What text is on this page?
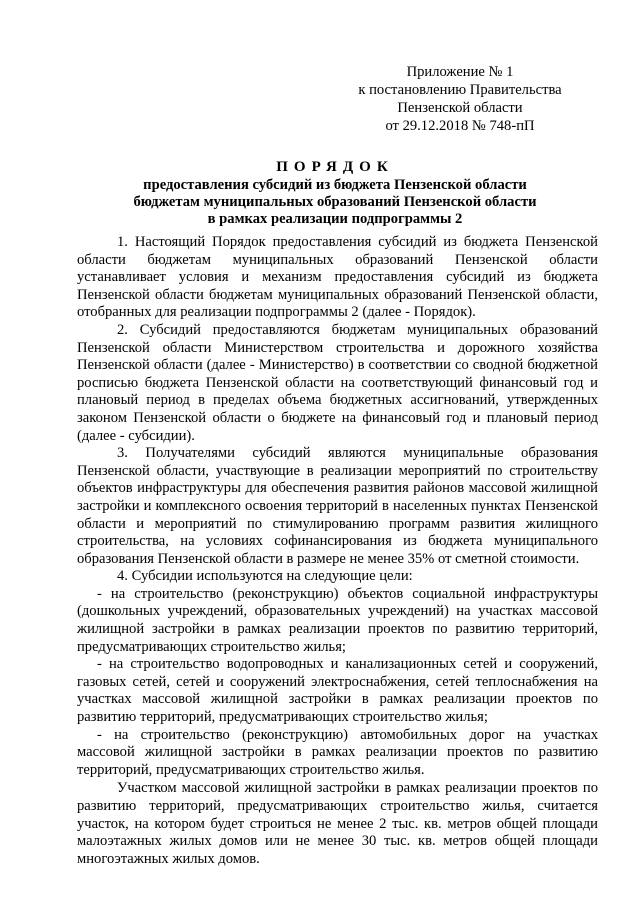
Приложение № 1
к постановлению Правительства
Пензенской области
от 29.12.2018 № 748-пП
ПОРЯДОК
предоставления субсидий из бюджета Пензенской области
бюджетам муниципальных образований Пензенской области
в рамках реализации подпрограммы 2

1. Настоящий Порядок предоставления субсидий из бюджета Пензенской области бюджетам муниципальных образований Пензенской области устанавливает условия и механизм предоставления субсидий из бюджета Пензенской области бюджетам муниципальных образований Пензенской области, отобранных для реализации подпрограммы 2 (далее - Порядок).

2. Субсидий предоставляются бюджетам муниципальных образований Пензенской области Министерством строительства и дорожного хозяйства Пензенской области (далее - Министерство) в соответствии со сводной бюджетной росписью бюджета Пензенской области на соответствующий финансовый год и плановый период в пределах объема бюджетных ассигнований, утвержденных законом Пензенской области о бюджете на финансовый год и плановый период (далее - субсидии).

3. Получателями субсидий являются муниципальные образования Пензенской области, участвующие в реализации мероприятий по строительству объектов инфраструктуры для обеспечения развития районов массовой жилищной застройки и комплексного освоения территорий в населенных пунктах Пензенской области и мероприятий по стимулированию программ развития жилищного строительства, на условиях софинансирования из бюджета муниципального образования Пензенской области в размере не менее 35% от сметной стоимости.

4. Субсидии используются на следующие цели:

- на строительство (реконструкцию) объектов социальной инфраструктуры (дошкольных учреждений, образовательных учреждений) на участках массовой жилищной застройки в рамках реализации проектов по развитию территорий, предусматривающих строительство жилья;

- на строительство водопроводных и канализационных сетей и сооружений, газовых сетей, сетей и сооружений электроснабжения, сетей теплоснабжения на участках массовой жилищной застройки в рамках реализации проектов по развитию территорий, предусматривающих строительство жилья;

- на строительство (реконструкцию) автомобильных дорог на участках массовой жилищной застройки в рамках реализации проектов по развитию территорий, предусматривающих строительство жилья.

Участком массовой жилищной застройки в рамках реализации проектов по развитию территорий, предусматривающих строительство жилья, считается участок, на котором будет строиться не менее 2 тыс. кв. метров общей площади малоэтажных жилых домов или не менее 30 тыс. кв. метров общей площади многоэтажных жилых домов.
